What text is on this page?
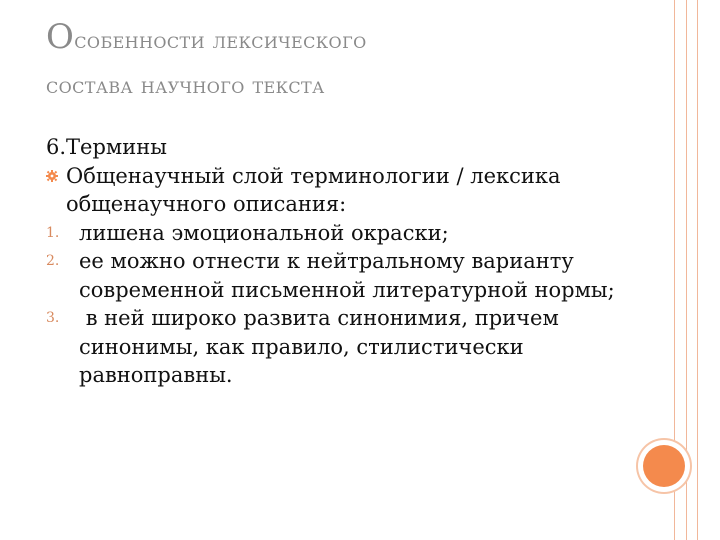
Особенности лексического
состава научного текста
6.Термины
Общенаучный слой терминологии / лексика общенаучного описания:
1. лишена эмоциональной окраски;
2. ее можно отнести к нейтральному варианту современной письменной литературной нормы;
3. в ней широко развита синонимия, причем синонимы, как правило, стилистически равноправны.
